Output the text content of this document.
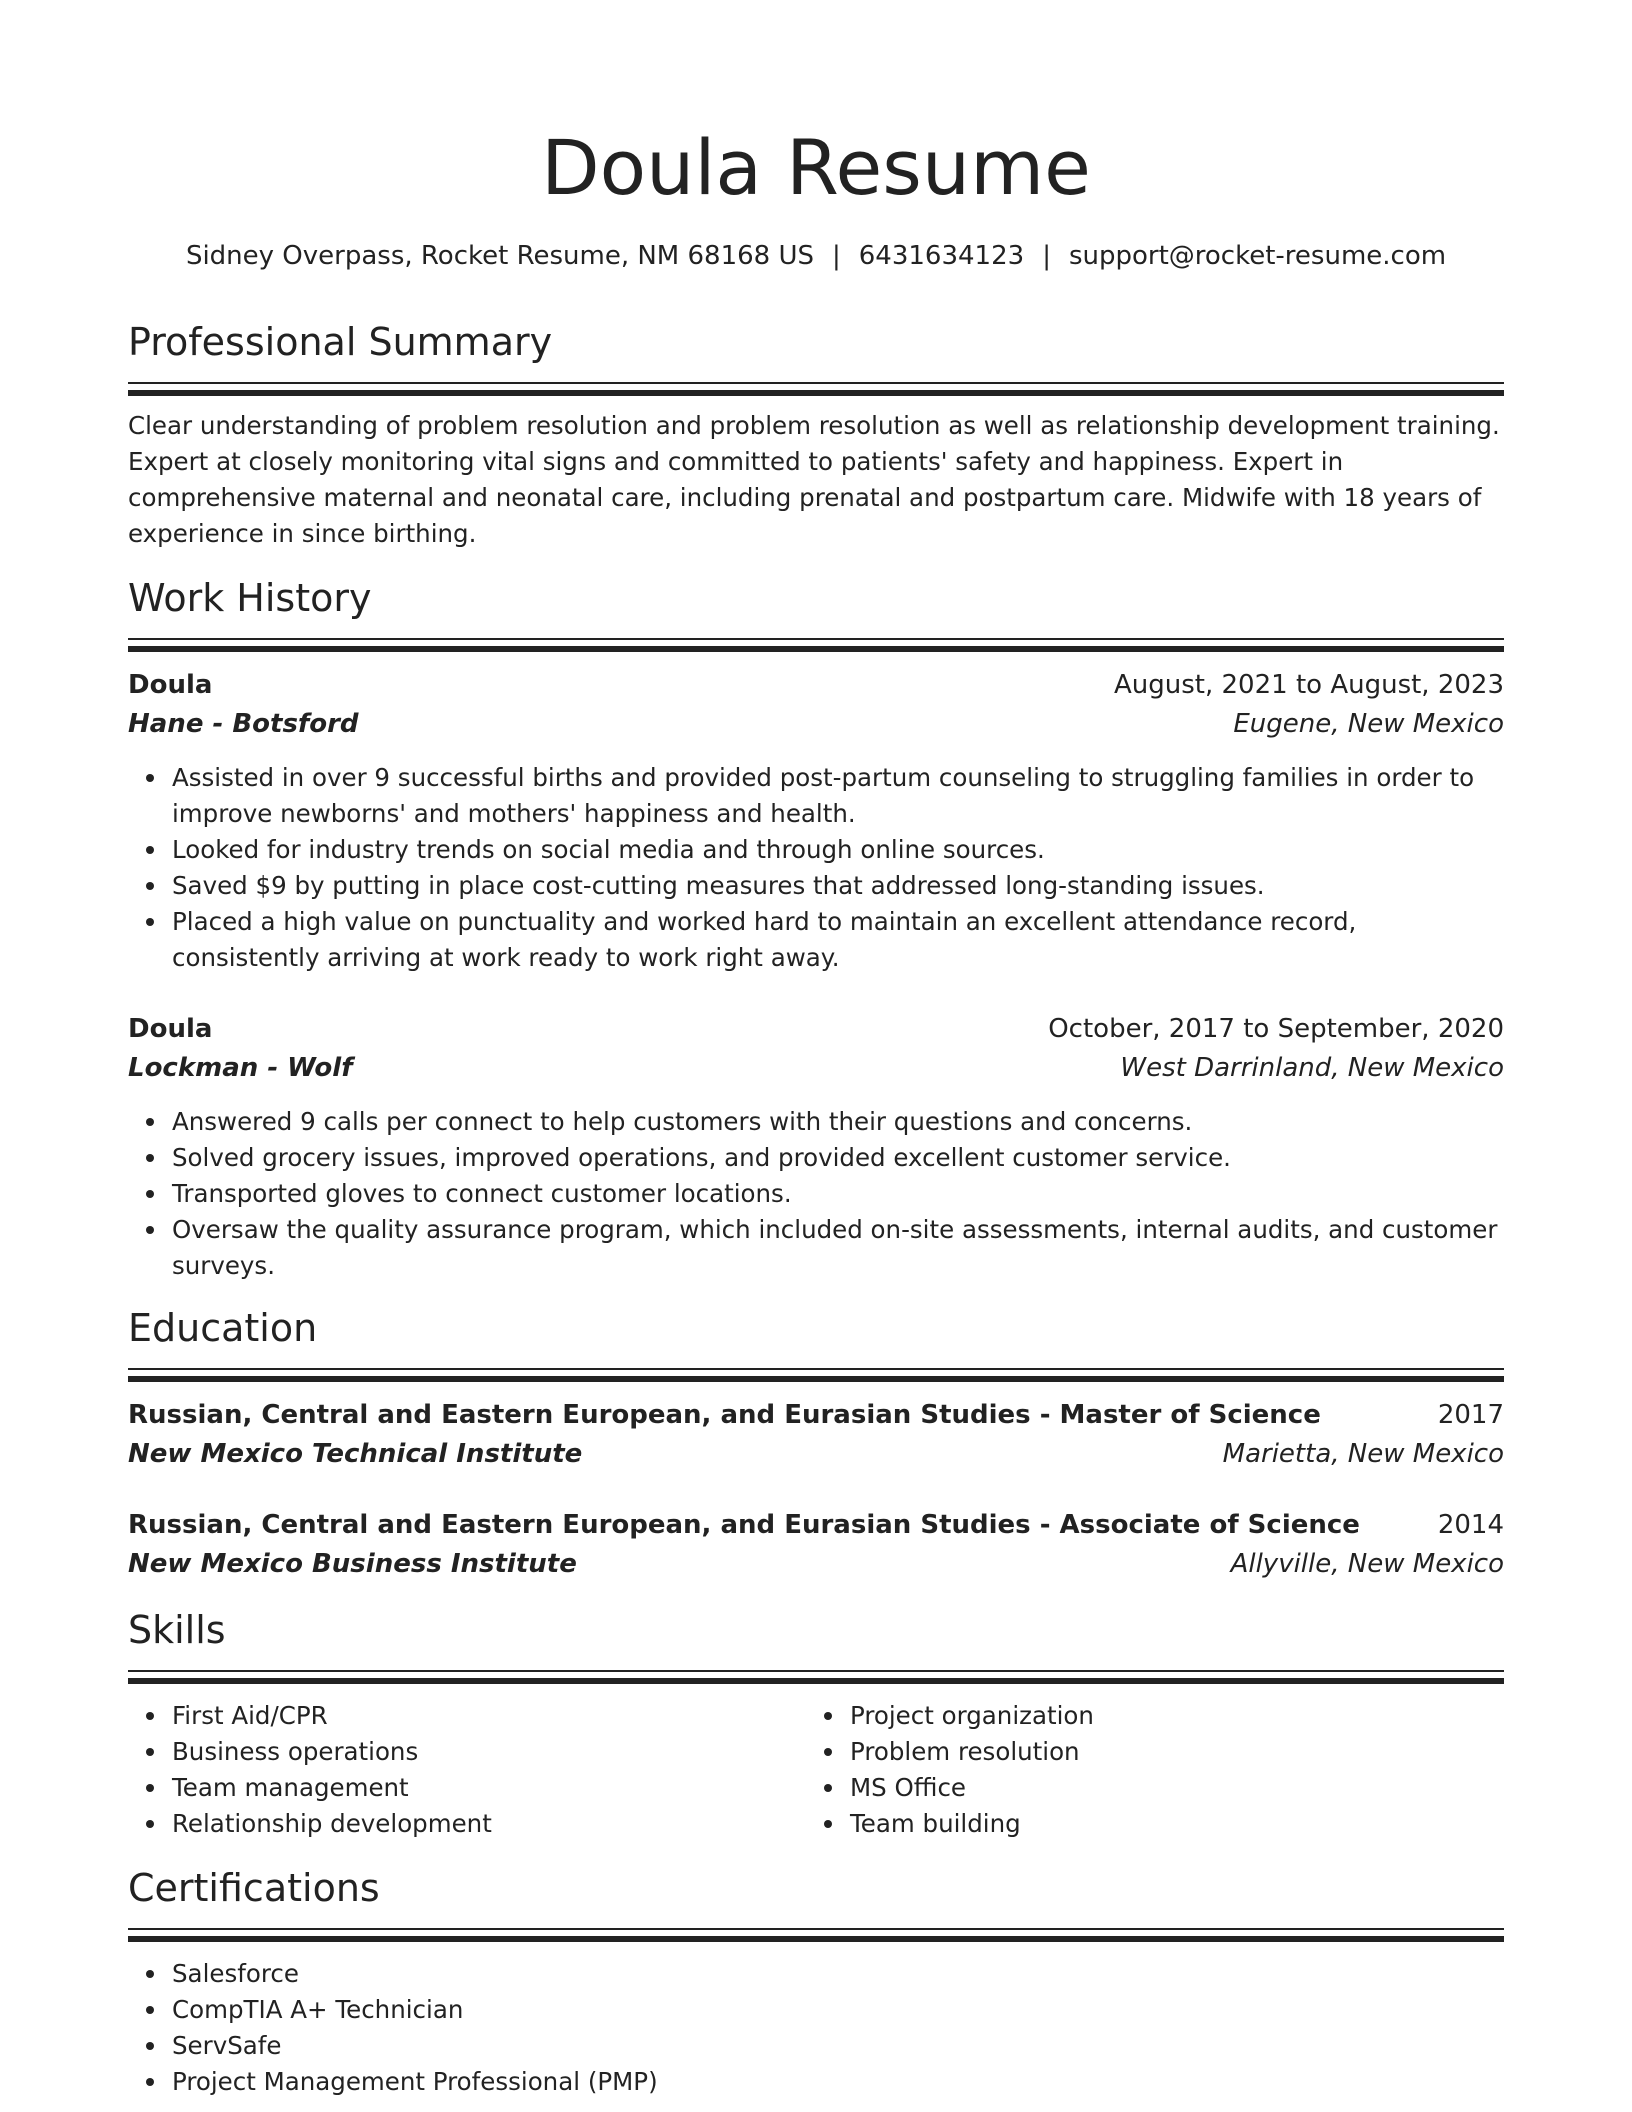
Doula Resume
Sidney Overpass, Rocket Resume, NM 68168 US | 6431634123 | support@rocket-resume.com
Professional Summary

Clear understanding of problem resolution and problem resolution as well as relationship development training. Expert at closely monitoring vital signs and committed to patients' safety and happiness. Expert in comprehensive maternal and neonatal care, including prenatal and postpartum care. Midwife with 18 years of experience in since birthing.

Work History
Doula	August, 2021 to August, 2023
Hane - Botsford	Eugene, New Mexico
Assisted in over 9 successful births and provided post-partum counseling to struggling families in order to improve newborns' and mothers' happiness and health.
Looked for industry trends on social media and through online sources.
Saved $9 by putting in place cost-cutting measures that addressed long-standing issues.
Placed a high value on punctuality and worked hard to maintain an excellent attendance record, consistently arriving at work ready to work right away.
Doula	October, 2017 to September, 2020
Lockman - Wolf	West Darrinland, New Mexico
Answered 9 calls per connect to help customers with their questions and concerns.
Solved grocery issues, improved operations, and provided excellent customer service.
Transported gloves to connect customer locations.
Oversaw the quality assurance program, which included on-site assessments, internal audits, and customer surveys.
Education
Russian, Central and Eastern European, and Eurasian Studies - Master of Science	2017
New Mexico Technical Institute	Marietta, New Mexico
Russian, Central and Eastern European, and Eurasian Studies - Associate of Science	2014
New Mexico Business Institute	Allyville, New Mexico
Skills
First Aid/CPR
Business operations
Team management
Relationship development
Project organization
Problem resolution
MS Office
Team building
Certifications
Salesforce
CompTIA A+ Technician
ServSafe
Project Management Professional (PMP)
